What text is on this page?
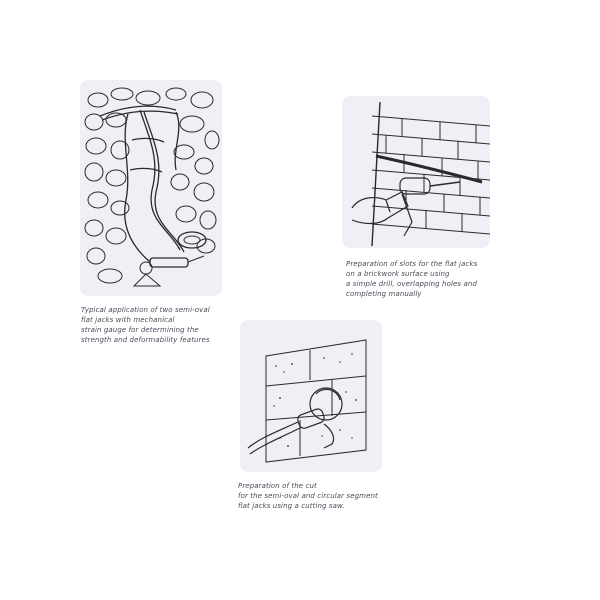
Typical application of two semi-oval
flat jacks with mechanical
strain gauge for determining the
strength and deformability features
Preparation of slots for the flat jacks
on a brickwork surface using
a simple drill, overlapping holes and
completing manually
Preparation of the cut
for the semi-oval and circular segment
flat jacks using a cutting saw.
